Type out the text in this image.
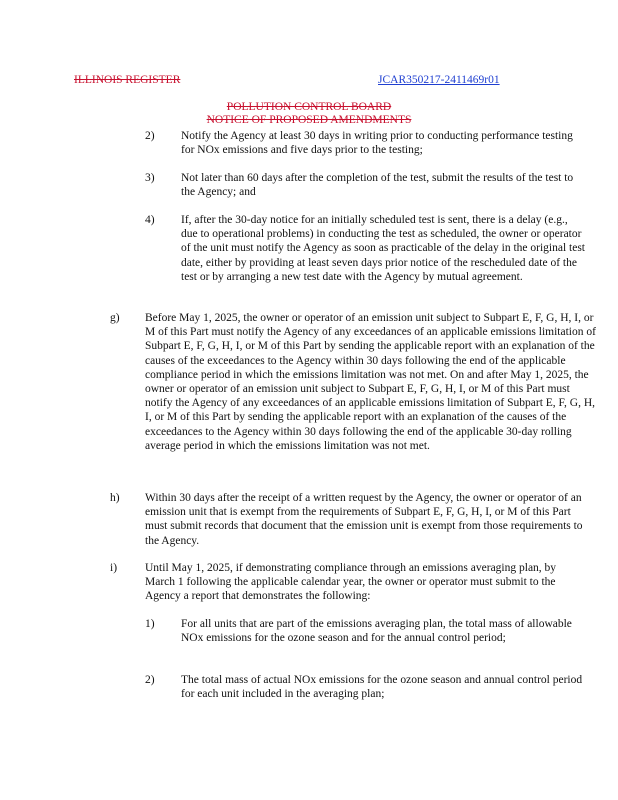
ILLINOIS REGISTER	JCAR350217-2411469r01
POLLUTION CONTROL BOARD
NOTICE OF PROPOSED AMENDMENTS
2) Notify the Agency at least 30 days in writing prior to conducting performance testing for NOx emissions and five days prior to the testing;
3) Not later than 60 days after the completion of the test, submit the results of the test to the Agency; and
4) If, after the 30-day notice for an initially scheduled test is sent, there is a delay (e.g., due to operational problems) in conducting the test as scheduled, the owner or operator of the unit must notify the Agency as soon as practicable of the delay in the original test date, either by providing at least seven days prior notice of the rescheduled date of the test or by arranging a new test date with the Agency by mutual agreement.
g) Before May 1, 2025, the owner or operator of an emission unit subject to Subpart E, F, G, H, I, or M of this Part must notify the Agency of any exceedances of an applicable emissions limitation of Subpart E, F, G, H, I, or M of this Part by sending the applicable report with an explanation of the causes of the exceedances to the Agency within 30 days following the end of the applicable compliance period in which the emissions limitation was not met. On and after May 1, 2025, the owner or operator of an emission unit subject to Subpart E, F, G, H, I, or M of this Part must notify the Agency of any exceedances of an applicable emissions limitation of Subpart E, F, G, H, I, or M of this Part by sending the applicable report with an explanation of the causes of the exceedances to the Agency within 30 days following the end of the applicable 30-day rolling average period in which the emissions limitation was not met.
h) Within 30 days after the receipt of a written request by the Agency, the owner or operator of an emission unit that is exempt from the requirements of Subpart E, F, G, H, I, or M of this Part must submit records that document that the emission unit is exempt from those requirements to the Agency.
i) Until May 1, 2025, if demonstrating compliance through an emissions averaging plan, by March 1 following the applicable calendar year, the owner or operator must submit to the Agency a report that demonstrates the following:
1) For all units that are part of the emissions averaging plan, the total mass of allowable NOx emissions for the ozone season and for the annual control period;
2) The total mass of actual NOx emissions for the ozone season and annual control period for each unit included in the averaging plan;
